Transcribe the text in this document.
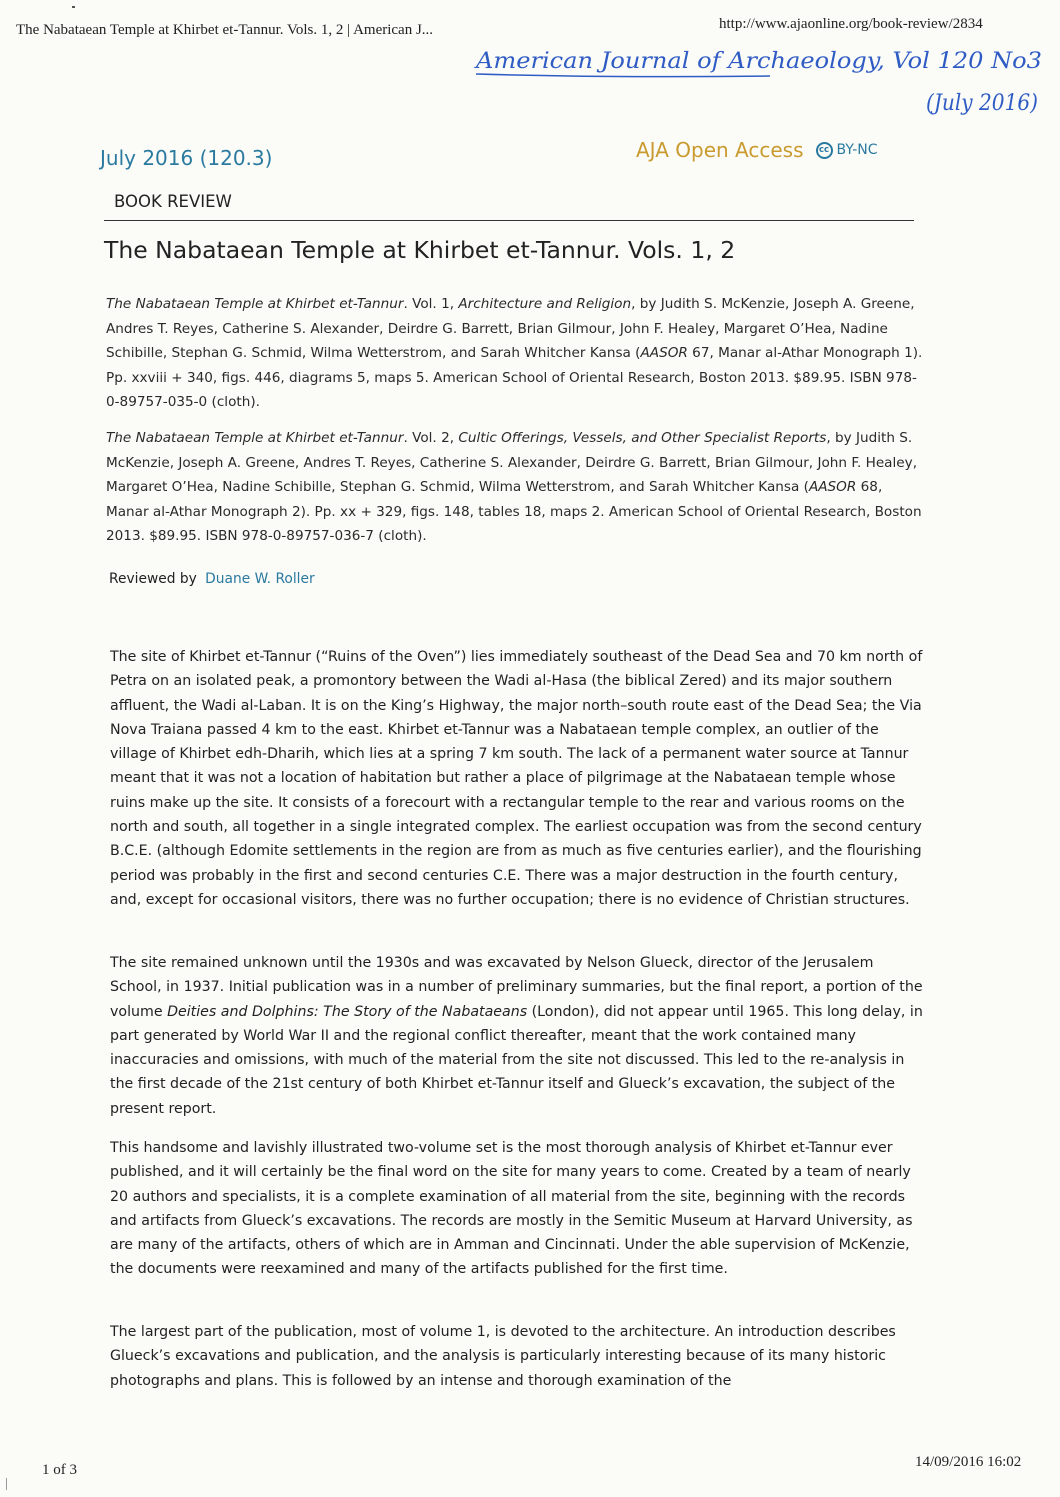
The Nabataean Temple at Khirbet et-Tannur. Vols. 1, 2 | American J...	http://www.ajaonline.org/book-review/2834
American Journal of Archaeology, Vol 120 No3
(July 2016)
July 2016 (120.3)	AJA Open Access	cc BY-NC
BOOK REVIEW
The Nabataean Temple at Khirbet et-Tannur. Vols. 1, 2

The Nabataean Temple at Khirbet et-Tannur. Vol. 1, Architecture and Religion, by Judith S. McKenzie, Joseph A. Greene, Andres T. Reyes, Catherine S. Alexander, Deirdre G. Barrett, Brian Gilmour, John F. Healey, Margaret O’Hea, Nadine Schibille, Stephan G. Schmid, Wilma Wetterstrom, and Sarah Whitcher Kansa (AASOR 67, Manar al-Athar Monograph 1). Pp. xxviii + 340, figs. 446, diagrams 5, maps 5. American School of Oriental Research, Boston 2013. $89.95. ISBN 978-0-89757-035-0 (cloth).

The Nabataean Temple at Khirbet et-Tannur. Vol. 2, Cultic Offerings, Vessels, and Other Specialist Reports, by Judith S. McKenzie, Joseph A. Greene, Andres T. Reyes, Catherine S. Alexander, Deirdre G. Barrett, Brian Gilmour, John F. Healey, Margaret O’Hea, Nadine Schibille, Stephan G. Schmid, Wilma Wetterstrom, and Sarah Whitcher Kansa (AASOR 68, Manar al-Athar Monograph 2). Pp. xx + 329, figs. 148, tables 18, maps 2. American School of Oriental Research, Boston 2013. $89.95. ISBN 978-0-89757-036-7 (cloth).

Reviewed by Duane W. Roller

The site of Khirbet et-Tannur (“Ruins of the Oven”) lies immediately southeast of the Dead Sea and 70 km north of Petra on an isolated peak, a promontory between the Wadi al-Hasa (the biblical Zered) and its major southern affluent, the Wadi al-Laban. It is on the King’s Highway, the major north–south route east of the Dead Sea; the Via Nova Traiana passed 4 km to the east. Khirbet et-Tannur was a Nabataean temple complex, an outlier of the village of Khirbet edh-Dharih, which lies at a spring 7 km south. The lack of a permanent water source at Tannur meant that it was not a location of habitation but rather a place of pilgrimage at the Nabataean temple whose ruins make up the site. It consists of a forecourt with a rectangular temple to the rear and various rooms on the north and south, all together in a single integrated complex. The earliest occupation was from the second century B.C.E. (although Edomite settlements in the region are from as much as five centuries earlier), and the flourishing period was probably in the first and second centuries C.E. There was a major destruction in the fourth century, and, except for occasional visitors, there was no further occupation; there is no evidence of Christian structures.

The site remained unknown until the 1930s and was excavated by Nelson Glueck, director of the Jerusalem School, in 1937. Initial publication was in a number of preliminary summaries, but the final report, a portion of the volume Deities and Dolphins: The Story of the Nabataeans (London), did not appear until 1965. This long delay, in part generated by World War II and the regional conflict thereafter, meant that the work contained many inaccuracies and omissions, with much of the material from the site not discussed. This led to the re-analysis in the first decade of the 21st century of both Khirbet et-Tannur itself and Glueck’s excavation, the subject of the present report.

This handsome and lavishly illustrated two-volume set is the most thorough analysis of Khirbet et-Tannur ever published, and it will certainly be the final word on the site for many years to come. Created by a team of nearly 20 authors and specialists, it is a complete examination of all material from the site, beginning with the records and artifacts from Glueck’s excavations. The records are mostly in the Semitic Museum at Harvard University, as are many of the artifacts, others of which are in Amman and Cincinnati. Under the able supervision of McKenzie, the documents were reexamined and many of the artifacts published for the first time.

The largest part of the publication, most of volume 1, is devoted to the architecture. An introduction describes Glueck’s excavations and publication, and the analysis is particularly interesting because of its many historic photographs and plans. This is followed by an intense and thorough examination of the

1 of 3	14/09/2016 16:02
